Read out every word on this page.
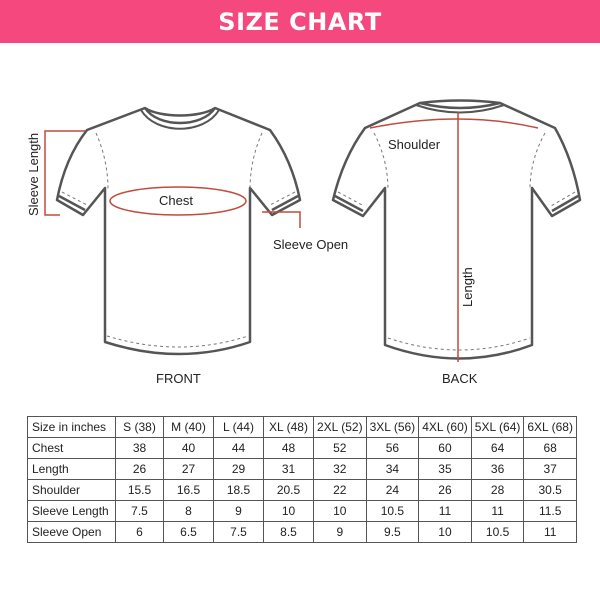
SIZE CHART
Sleeve Length	Chest
Sleeve Open
FRONT
Shoulder
Length
BACK
Size in inches	S (38)	M (40)	L (44)	XL (48)	2XL (52)	3XL (56)	4XL (60)	5XL (64)	6XL (68)
Chest	38	40	44	48	52	56	60	64	68
Length	26	27	29	31	32	34	35	36	37
Shoulder	15.5	16.5	18.5	20.5	22	24	26	28	30.5
Sleeve Length	7.5	8	9	10	10	10.5	11	11	11.5
Sleeve Open	6	6.5	7.5	8.5	9	9.5	10	10.5	11
